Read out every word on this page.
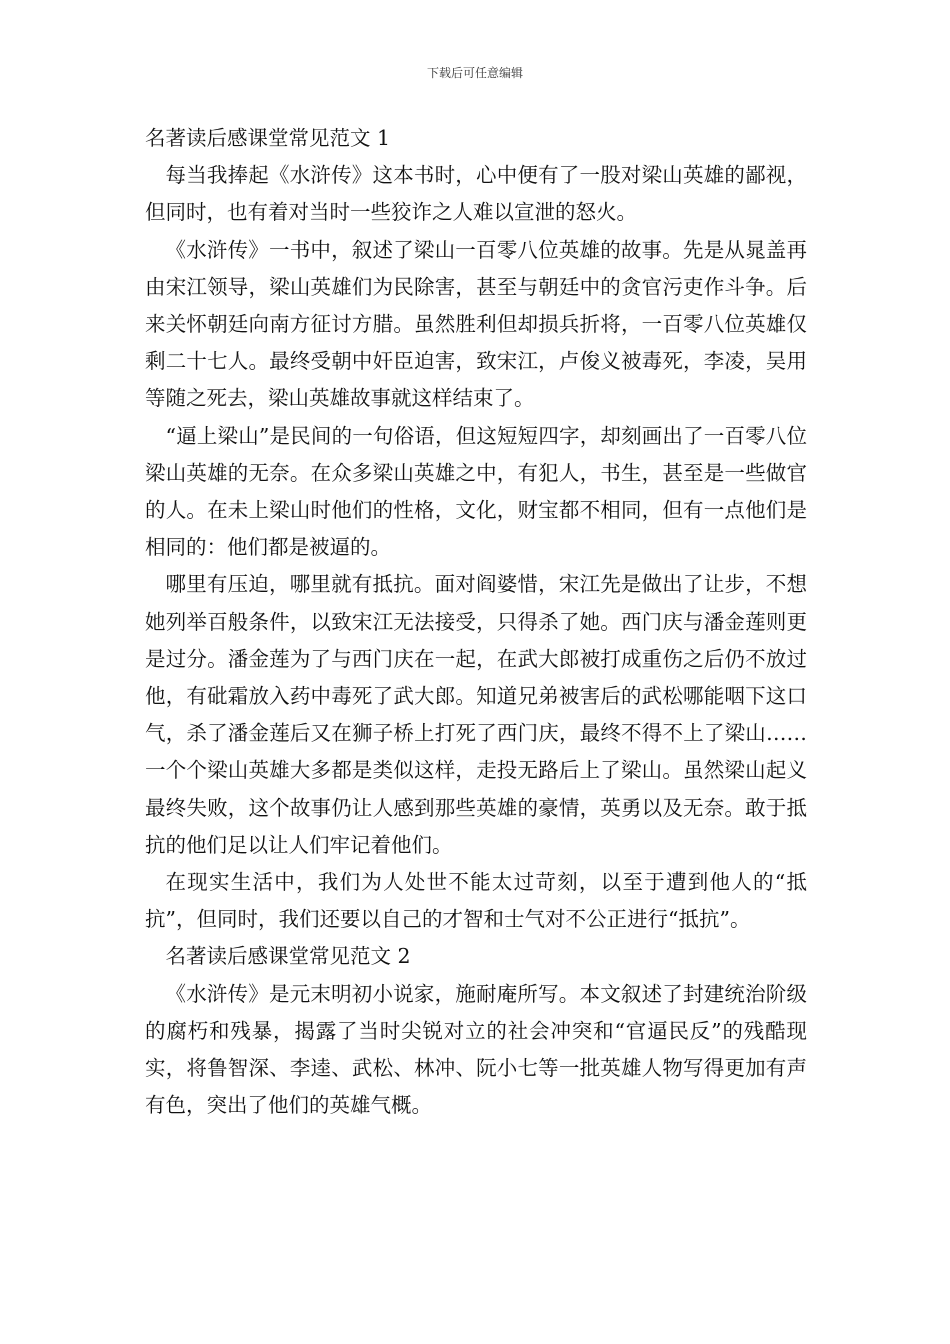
下载后可任意编辑
名著读后感课堂常见范文 1

每当我捧起《水浒传》这本书时，心中便有了一股对梁山英雄的鄙视，但同时，也有着对当时一些狡诈之人难以宣泄的怒火。

《水浒传》一书中，叙述了梁山一百零八位英雄的故事。先是从晁盖再由宋江领导，梁山英雄们为民除害，甚至与朝廷中的贪官污吏作斗争。后来关怀朝廷向南方征讨方腊。虽然胜利但却损兵折将，一百零八位英雄仅剩二十七人。最终受朝中奸臣迫害，致宋江，卢俊义被毒死，李凌，吴用等随之死去，梁山英雄故事就这样结束了。

“逼上梁山”是民间的一句俗语，但这短短四字，却刻画出了一百零八位梁山英雄的无奈。在众多梁山英雄之中，有犯人，书生，甚至是一些做官的人。在未上梁山时他们的性格，文化，财宝都不相同，但有一点他们是相同的：他们都是被逼的。

哪里有压迫，哪里就有抵抗。面对阎婆惜，宋江先是做出了让步，不想她列举百般条件，以致宋江无法接受，只得杀了她。西门庆与潘金莲则更是过分。潘金莲为了与西门庆在一起，在武大郎被打成重伤之后仍不放过他，有砒霜放入药中毒死了武大郎。知道兄弟被害后的武松哪能咽下这口气，杀了潘金莲后又在狮子桥上打死了西门庆，最终不得不上了梁山……一个个梁山英雄大多都是类似这样，走投无路后上了梁山。虽然梁山起义最终失败，这个故事仍让人感到那些英雄的豪情，英勇以及无奈。敢于抵抗的他们足以让人们牢记着他们。

在现实生活中，我们为人处世不能太过苛刻，以至于遭到他人的“抵抗”，但同时，我们还要以自己的才智和士气对不公正进行“抵抗”。

名著读后感课堂常见范文 2

《水浒传》是元末明初小说家，施耐庵所写。本文叙述了封建统治阶级的腐朽和残暴，揭露了当时尖锐对立的社会冲突和“官逼民反”的残酷现实，将鲁智深、李逵、武松、林冲、阮小七等一批英雄人物写得更加有声有色，突出了他们的英雄气概。
